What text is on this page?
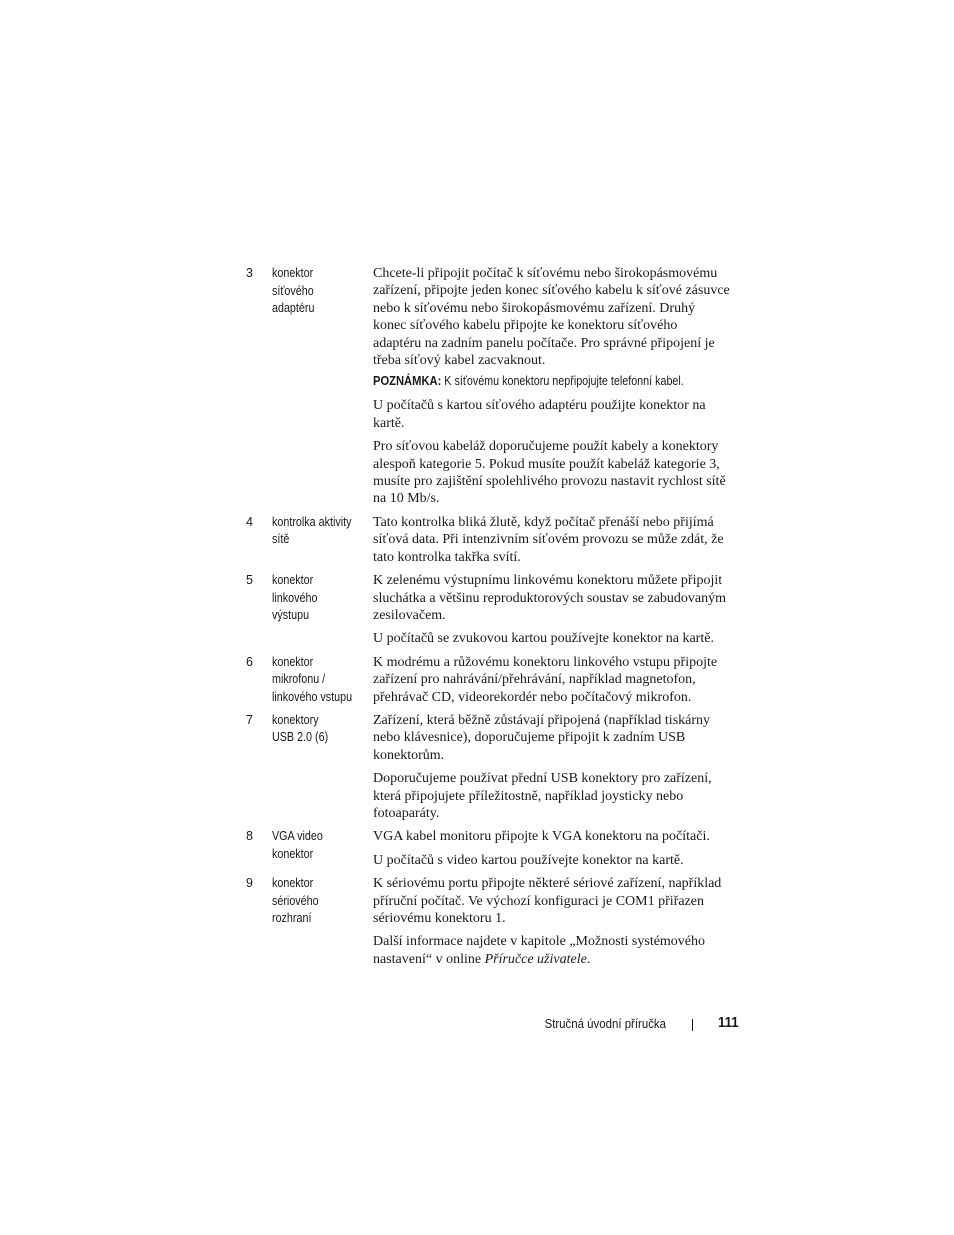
3	konektor
síťového
adaptéru

Chcete-li připojit počítač k síťovému nebo širokopásmovému
zařízení, připojte jeden konec síťového kabelu k síťové zásuvce
nebo k síťovému nebo širokopásmovému zařízení. Druhý
konec síťového kabelu připojte ke konektoru síťového
adaptéru na zadním panelu počítače. Pro správné připojení je
třeba síťový kabel zacvaknout.

POZNÁMKA: K síťovému konektoru nepřipojujte telefonní kabel.

U počítačů s kartou síťového adaptéru použijte konektor na
kartě.

Pro síťovou kabeláž doporučujeme použít kabely a konektory
alespoň kategorie 5. Pokud musíte použít kabeláž kategorie 3,
musíte pro zajištění spolehlivého provozu nastavit rychlost sítě
na 10 Mb/s.

4	kontrolka aktivity
sítě

Tato kontrolka bliká žlutě, když počítač přenáší nebo přijímá
síťová data. Při intenzivním síťovém provozu se může zdát, že
tato kontrolka takřka svítí.

5	konektor
linkového
výstupu

K zelenému výstupnímu linkovému konektoru můžete připojit
sluchátka a většinu reproduktorových soustav se zabudovaným
zesilovačem.

U počítačů se zvukovou kartou používejte konektor na kartě.

6	konektor
mikrofonu /
linkového vstupu

K modrému a růžovému konektoru linkového vstupu připojte
zařízení pro nahrávání/přehrávání, například magnetofon,
přehrávač CD, videorekordér nebo počítačový mikrofon.

7	konektory
USB 2.0 (6)

Zařízení, která běžně zůstávají připojená (například tiskárny
nebo klávesnice), doporučujeme připojit k zadním USB
konektorům.

Doporučujeme používat přední USB konektory pro zařízení,
která připojujete příležitostně, například joysticky nebo
fotoaparáty.

8	VGA video
konektor

VGA kabel monitoru připojte k VGA konektoru na počítači.

U počítačů s video kartou používejte konektor na kartě.

9	konektor
sériového
rozhraní

K sériovému portu připojte některé sériové zařízení, například
příruční počítač. Ve výchozí konfiguraci je COM1 přiřazen
sériovému konektoru 1.

Další informace najdete v kapitole „Možnosti systémového
nastavení“ v online Příručce uživatele.

Stručná úvodní příručka	111
